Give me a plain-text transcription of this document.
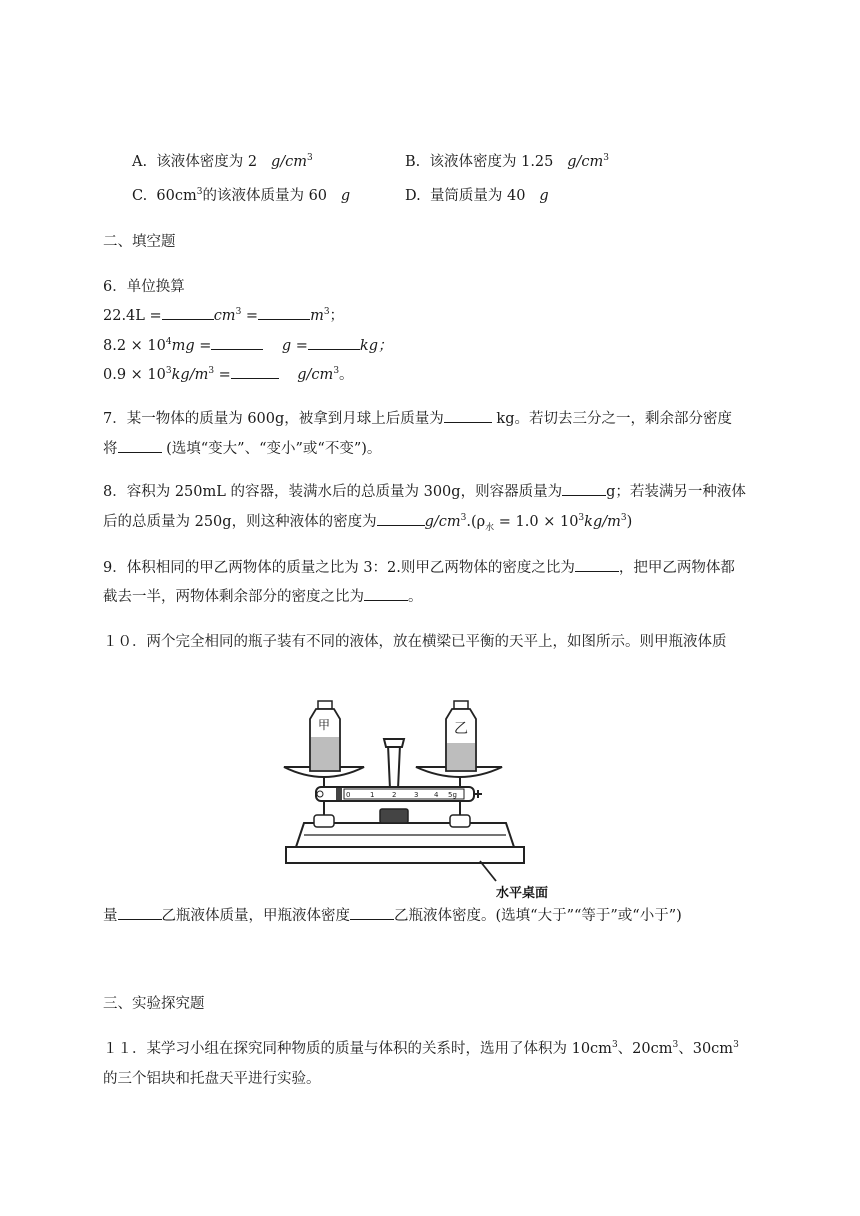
A. 该液体密度为 2 $g/cm^3$	B. 该液体密度为 1.25 $g/cm^3$
C. $60cm^3$的该液体质量为 60 g	D. 量筒质量为 40 g
二、填空题
6．单位换算
22.4L =	$cm^3$ =	$m^3$；
$8.2 \times 10^4mg$ =	g =	kg；
$0.9 \times 10^3kg/m^3$ =	$g/cm^3$。
7．某一物体的质量为 600g，被拿到月球上后质量为	kg。若切去三分之一，剩余部分密度
将	(选填“变大”、“变小”或“不变”)。
8．容积为 250mL 的容器，装满水后的总质量为 300g，则容器质量为	g；若装满另一种液体
后的总质量为 250g，则这种液体的密度为	$g/cm^3.(\rho_水 = 1.0 \times 10^3kg/m^3)$
9．体积相同的甲乙两物体的质量之比为 3：2.则甲乙两物体的密度之比为	，把甲乙两物体都
截去一半，两物体剩余部分的密度之比为	。
１０．两个完全相同的瓶子装有不同的液体，放在横梁已平衡的天平上，如图所示。则甲瓶液体质
0	1	2	3 4 5g
甲	乙
水平桌面
量	乙瓶液体质量，甲瓶液体密度	乙瓶液体密度。(选填“大于”“等于”或“小于”)
三、实验探究题
１１．某学习小组在探究同种物质的质量与体积的关系时，选用了体积为 $10cm^3$、$20cm^3$、$30cm^3$
的三个铝块和托盘天平进行实验。
